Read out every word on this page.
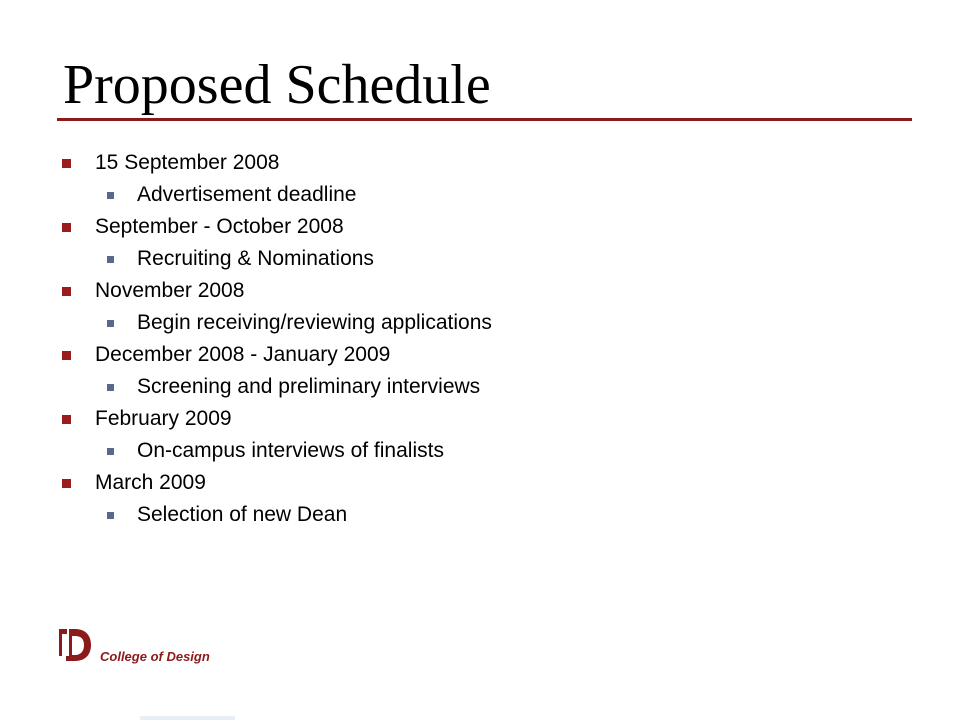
Proposed Schedule
15 September 2008
Advertisement deadline
September - October 2008
Recruiting & Nominations
November 2008
Begin receiving/reviewing applications
December 2008 - January 2009
Screening and preliminary interviews
February 2009
On-campus interviews of finalists
March 2009
Selection of new Dean
College of Design
